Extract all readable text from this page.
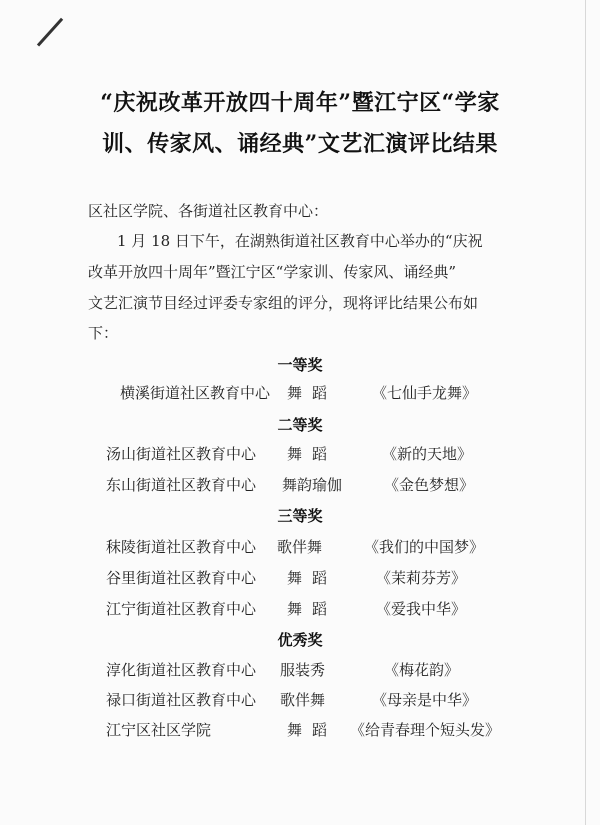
“庆祝改革开放四十周年”暨江宁区“学家
训、传家风、诵经典”文艺汇演评比结果
区社区学院、各街道社区教育中心：
1 月 18 日下午，在湖熟街道社区教育中心举办的“庆祝
改革开放四十周年”暨江宁区“学家训、传家风、诵经典”
文艺汇演节目经过评委专家组的评分，现将评比结果公布如
下：
一等奖
横溪街道社区教育中心 舞蹈 《七仙手龙舞》
二等奖
汤山街道社区教育中心 舞蹈	《新的天地》
东山街道社区教育中心 舞韵瑜伽	《金色梦想》
三等奖
秣陵街道社区教育中心 歌伴舞	《我们的中国梦》
谷里街道社区教育中心 舞蹈	《茉莉芬芳》
江宁街道社区教育中心 舞蹈	《爱我中华》
优秀奖
淳化街道社区教育中心 服装秀	《梅花韵》
禄口街道社区教育中心 歌伴舞	《母亲是中华》
江宁区社区学院	舞蹈 《给青春理个短头发》
